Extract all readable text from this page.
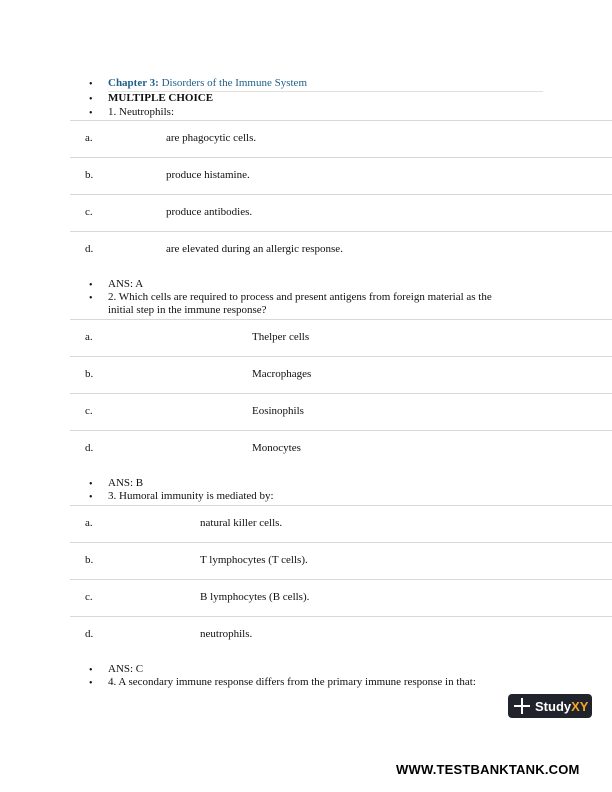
• Chapter 3: Disorders of the Immune System
• MULTIPLE CHOICE
• 1. Neutrophils:
a.	are phagocytic cells.
b.	produce histamine.
c.	produce antibodies.
d.	are elevated during an allergic response.
• ANS: A
• 2. Which cells are required to process and present antigens from foreign material as the
initial step in the immune response?
a.	Thelper cells
b.	Macrophages
c.	Eosinophils
d.	Monocytes
• ANS: B
• 3. Humoral immunity is mediated by:
a.	natural killer cells.
b.	T lymphocytes (T cells).
c.	B lymphocytes (B cells).
d.	neutrophils.
• ANS: C
• 4. A secondary immune response differs from the primary immune response in that:
StudyXY
WWW.TESTBANKTANK.COM
